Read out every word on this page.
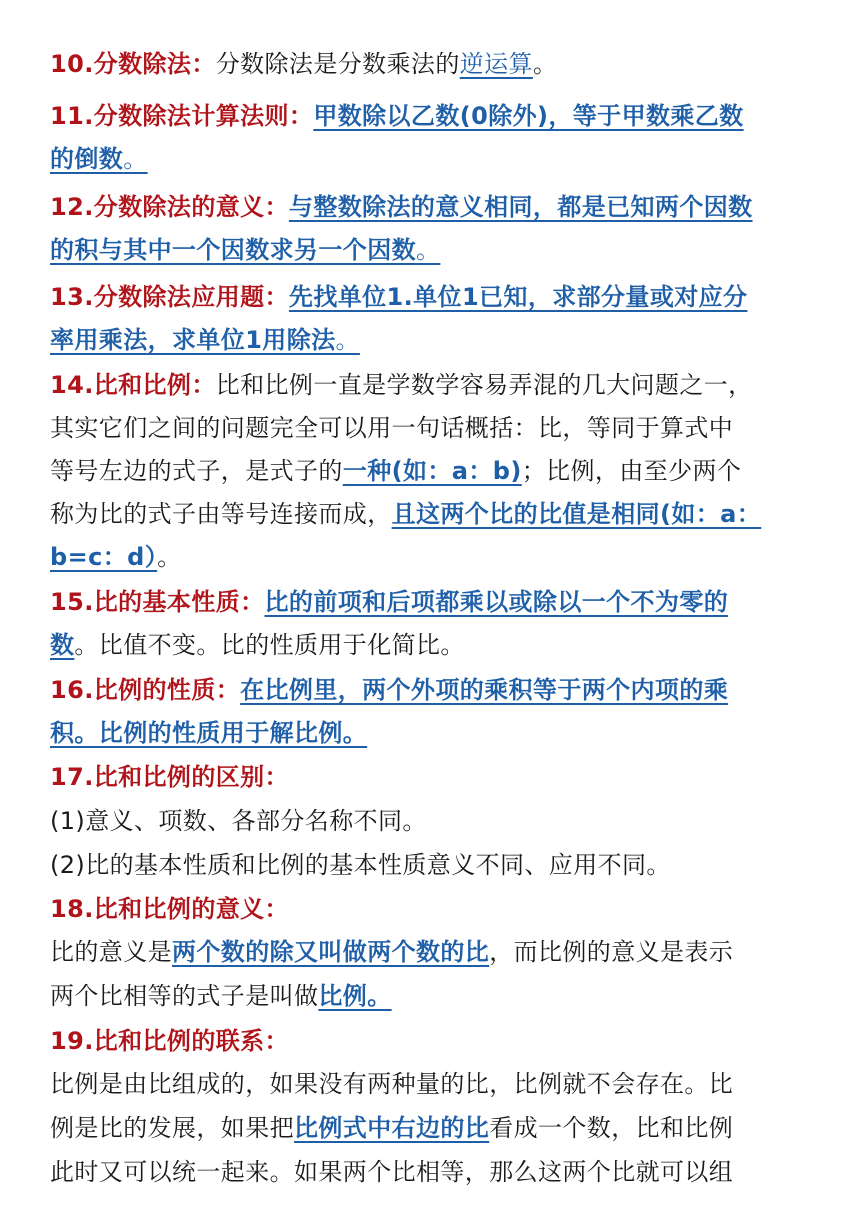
10.分数除法：分数除法是分数乘法的逆运算。
11.分数除法计算法则：甲数除以乙数(0除外)，等于甲数乘乙数
的倒数。
12.分数除法的意义：与整数除法的意义相同，都是已知两个因数
的积与其中一个因数求另一个因数。
13.分数除法应用题：先找单位1.单位1已知，求部分量或对应分
率用乘法，求单位1用除法。
14.比和比例：比和比例一直是学数学容易弄混的几大问题之一，
其实它们之间的问题完全可以用一句话概括：比，等同于算式中
等号左边的式子，是式子的一种(如：a：b)；比例，由至少两个
称为比的式子由等号连接而成，且这两个比的比值是相同(如：a：
b=c：d）。
15.比的基本性质：比的前项和后项都乘以或除以一个不为零的
数。比值不变。比的性质用于化简比。
16.比例的性质：在比例里，两个外项的乘积等于两个内项的乘
积。比例的性质用于解比例。
17.比和比例的区别：
(1)意义、项数、各部分名称不同。
(2)比的基本性质和比例的基本性质意义不同、应用不同。
18.比和比例的意义：
比的意义是两个数的除又叫做两个数的比，而比例的意义是表示
两个比相等的式子是叫做比例。
19.比和比例的联系：
比例是由比组成的，如果没有两种量的比，比例就不会存在。比
例是比的发展，如果把比例式中右边的比看成一个数，比和比例
此时又可以统一起来。如果两个比相等，那么这两个比就可以组
